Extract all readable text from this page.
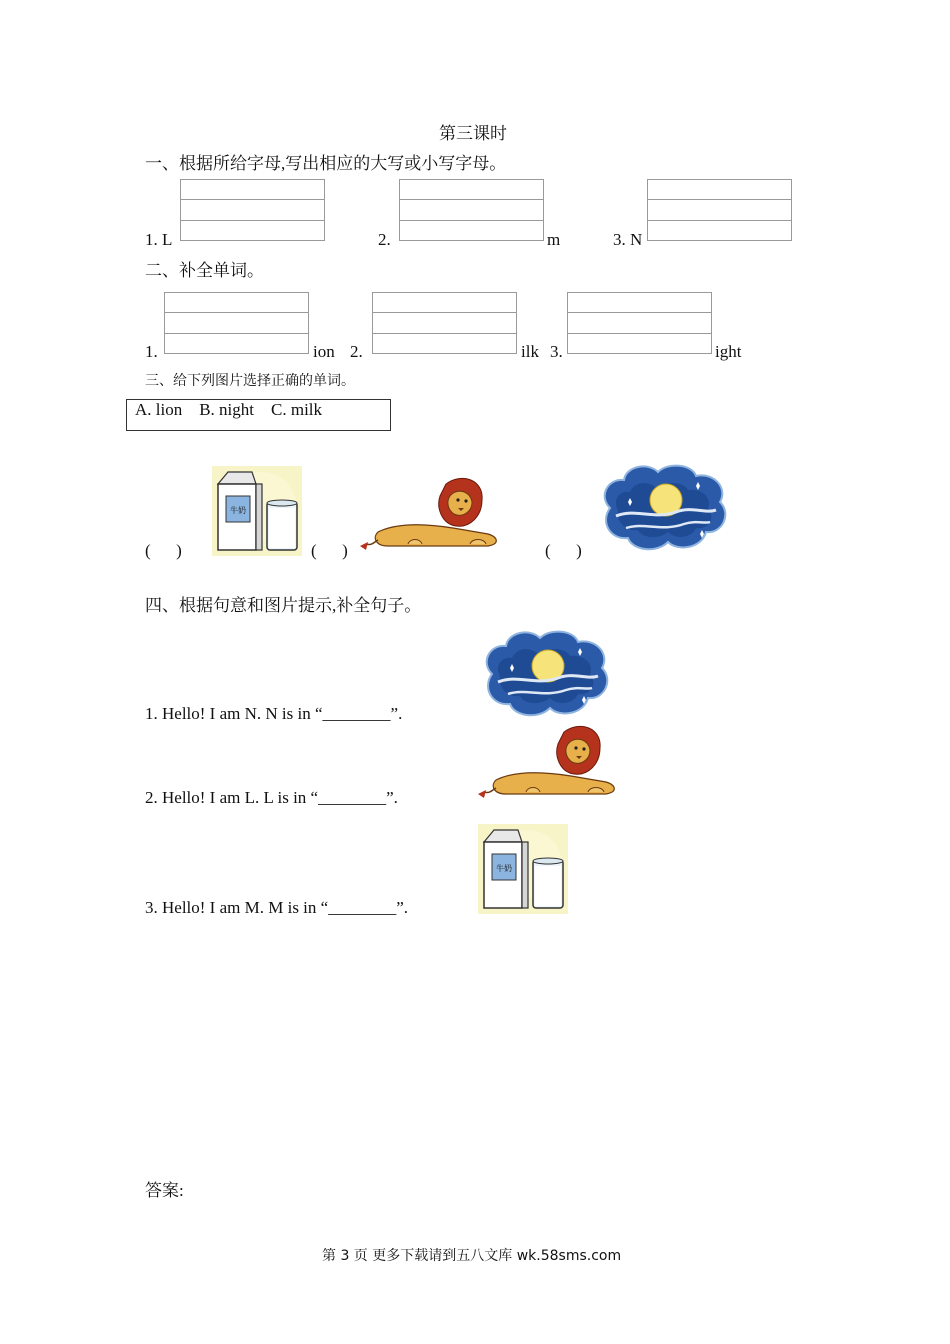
第三课时
一、根据所给字母,写出相应的大写或小写字母。
1. L	2.	m	3. N
二、补全单词。
1.	ion 2.	ilk 3.	ight
三、给下列图片选择正确的单词。
A. lion    B. night    C. milk
(      )
牛奶
(      )	(      )
四、根据句意和图片提示,补全句子。
1. Hello! I am N. N is in “________”.
2. Hello! I am L. L is in “________”.
牛奶
3. Hello! I am M. M is in “________”.
答案:
第 3 页 更多下载请到五八文库 wk.58sms.com
